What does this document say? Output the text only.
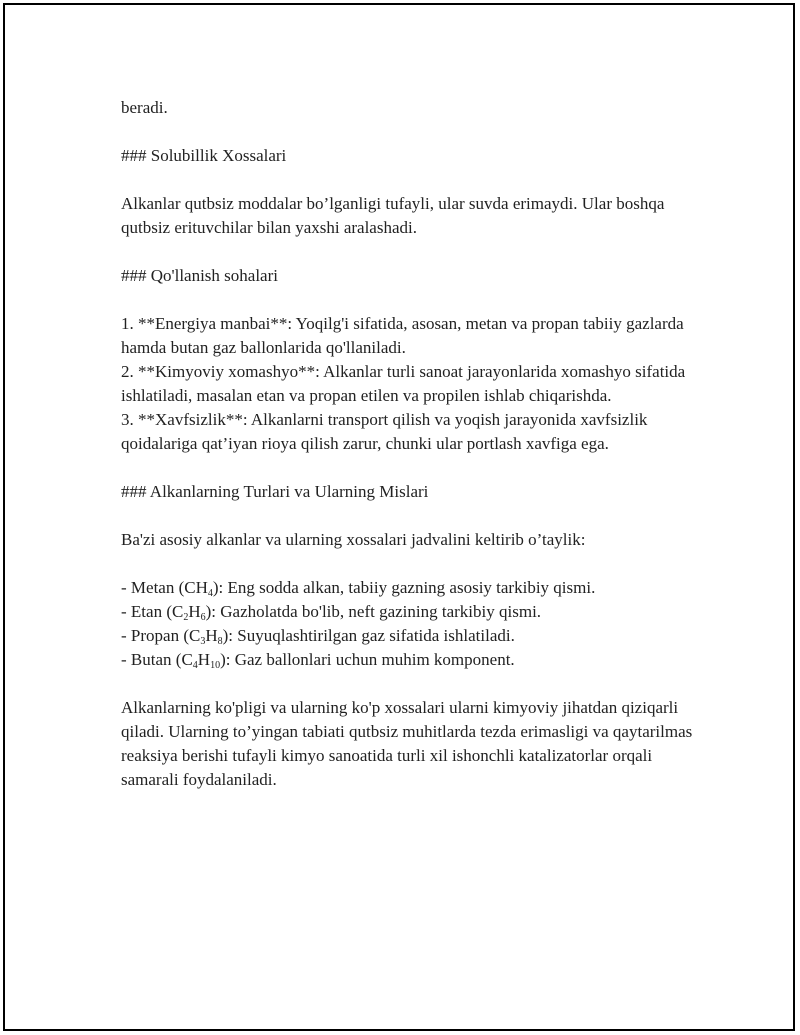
beradi.

### Solubillik Xossalari

Alkanlar qutbsiz moddalar bo’lganligi tufayli, ular suvda erimaydi. Ular boshqa qutbsiz erituvchilar bilan yaxshi aralashadi.

### Qo'llanish sohalari

1. **Energiya manbai**: Yoqilg'i sifatida, asosan, metan va propan tabiiy gazlarda hamda butan gaz ballonlarida qo'llaniladi.

2. **Kimyoviy xomashyo**: Alkanlar turli sanoat jarayonlarida xomashyo sifatida ishlatiladi, masalan etan va propan etilen va propilen ishlab chiqarishda.

3. **Xavfsizlik**: Alkanlarni transport qilish va yoqish jarayonida xavfsizlik qoidalariga qat’iyan rioya qilish zarur, chunki ular portlash xavfiga ega.

### Alkanlarning Turlari va Ularning Mislari

Ba'zi asosiy alkanlar va ularning xossalari jadvalini keltirib o’taylik:

- Metan $(CH_4)$: Eng sodda alkan, tabiiy gazning asosiy tarkibiy qismi.

- Etan $(C_2H_6)$: Gazholatda bo'lib, neft gazining tarkibiy qismi.

- Propan $(C_3H_8)$: Suyuqlashtirilgan gaz sifatida ishlatiladi.

- Butan $(C_4H_{10})$: Gaz ballonlari uchun muhim komponent.

Alkanlarning ko'pligi va ularning ko'p xossalari ularni kimyoviy jihatdan qiziqarli qiladi. Ularning to’yingan tabiati qutbsiz muhitlarda tezda erimasligi va qaytarilmas reaksiya berishi tufayli kimyo sanoatida turli xil ishonchli katalizatorlar orqali samarali foydalaniladi.
